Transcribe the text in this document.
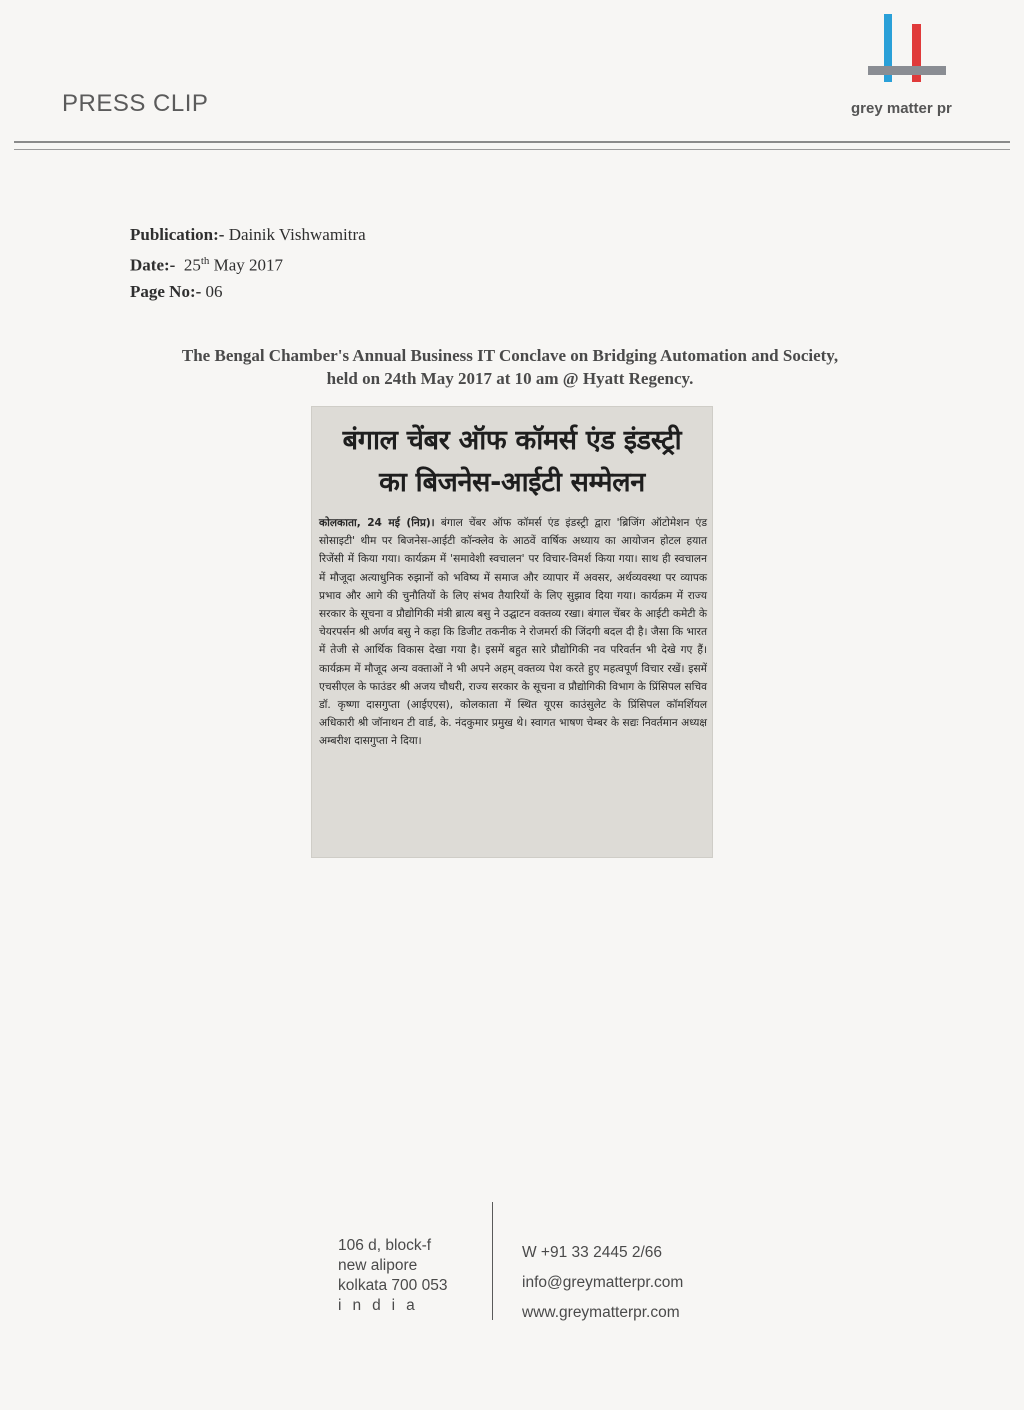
PRESS CLIP	grey matter pr
Publication:- Dainik Vishwamitra
Date:- 25th May 2017
Page No:- 06
The Bengal Chamber's Annual Business IT Conclave on Bridging Automation and Society,
held on 24th May 2017 at 10 am @ Hyatt Regency.
बंगाल चेंबर ऑफ कॉमर्स एंड इंडस्ट्री
का बिजनेस-आईटी सम्मेलन
कोलकाता, 24 मई (निप्र)। बंगाल चेंबर ऑफ कॉमर्स एंड इंडस्ट्री द्वारा 'ब्रिजिंग ऑटोमेशन एंड सोसाइटी' थीम पर बिजनेस-आईटी कॉन्क्लेव के आठवें वार्षिक अध्याय का आयोजन होटल हयात रिजेंसी में किया गया। कार्यक्रम में 'समावेशी स्वचालन' पर विचार-विमर्श किया गया। साथ ही स्वचालन में मौजूदा अत्याधुनिक रुझानों को भविष्य में समाज और व्यापार में अवसर, अर्थव्यवस्था पर व्यापक प्रभाव और आगे की चुनौतियों के लिए संभव तैयारियों के लिए सुझाव दिया गया। कार्यक्रम में राज्य सरकार के सूचना व प्रौद्योगिकी मंत्री ब्रात्य बसु ने उद्घाटन वक्तव्य रखा। बंगाल चेंबर के आईटी कमेटी के चेयरपर्सन श्री अर्णव बसु ने कहा कि डिजीट तकनीक ने रोजमर्रा की जिंदगी बदल दी है। जैसा कि भारत में तेजी से आर्थिक विकास देखा गया है। इसमें बहुत सारे प्रौद्योगिकी नव परिवर्तन भी देखे गए हैं। कार्यक्रम में मौजूद अन्य वक्ताओं ने भी अपने अहम् वक्तव्य पेश करते हुए महत्वपूर्ण विचार रखें। इसमें एचसीएल के फाउंडर श्री अजय चौधरी, राज्य सरकार के सूचना व प्रौद्योगिकी विभाग के प्रिंसिपल सचिव डॉ. कृष्णा दासगुप्ता (आईएएस), कोलकाता में स्थित यूएस काउंसुलेट के प्रिंसिपल कॉमर्शियल अधिकारी श्री जॉनाथन टी वार्ड, के. नंदकुमार प्रमुख थे। स्वागत भाषण चेम्बर के सद्यः निवर्तमान अध्यक्ष अम्बरीश दासगुप्ता ने दिया।
106 d, block-f
new alipore
kolkata 700 053
india
W +91 33 2445 2/66
info@greymatterpr.com
www.greymatterpr.com
